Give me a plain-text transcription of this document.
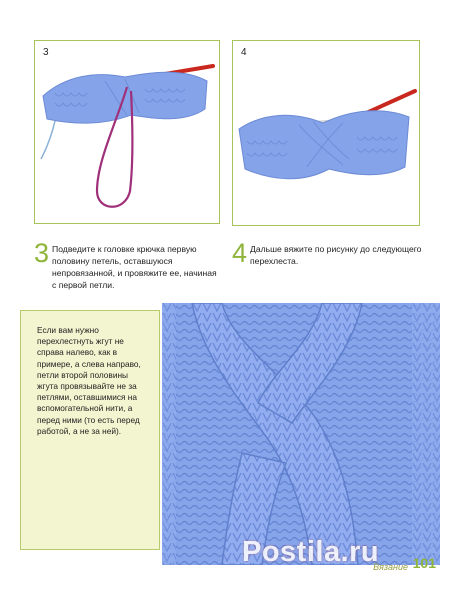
3	4
3 Подведите к головке крючка первую половину петель, оставшуюся непровязанной, и провяжите ее, начиная с первой петли.
4 Дальше вяжите по рисунку до следующего перехлеста.
Если вам нужно перехлестнуть жгут не справа налево, как в примере, а слева направо, петли второй половины жгута провязывайте не за петлями, оставшимися на вспомогательной нити, а перед ними (то есть перед работой, а не за ней).
Postila.ru
Вязание 101
